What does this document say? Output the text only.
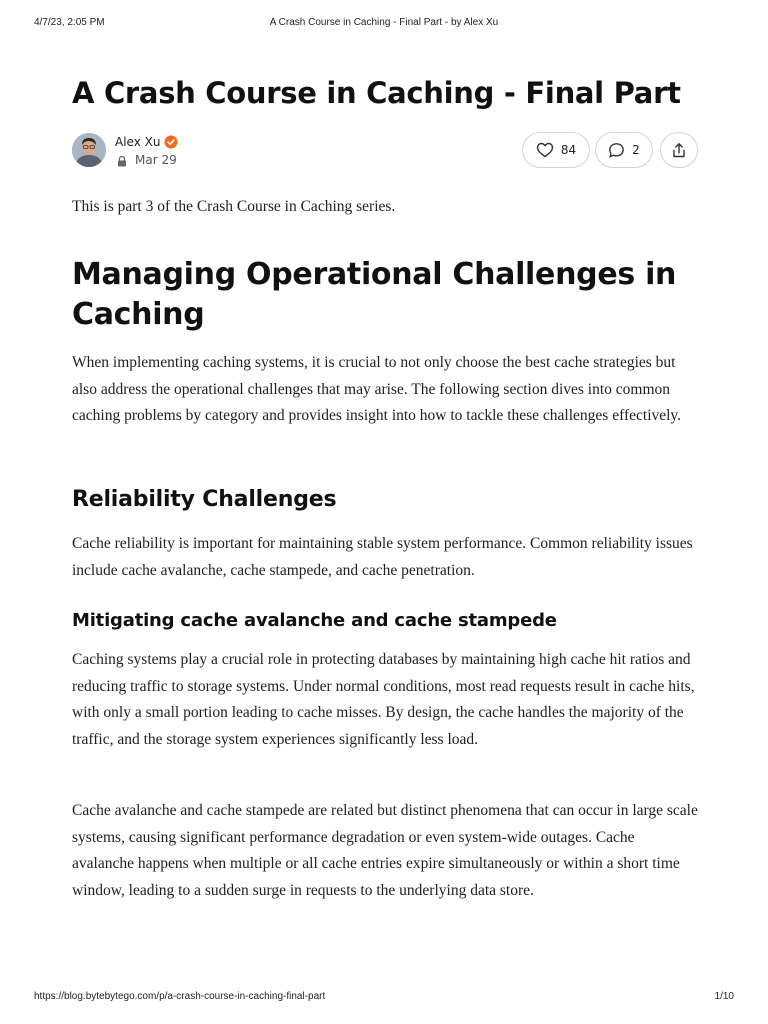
4/7/23, 2:05 PM	A Crash Course in Caching - Final Part - by Alex Xu
A Crash Course in Caching - Final Part
Alex Xu
Mar 29
84	2

This is part 3 of the Crash Course in Caching series.

Managing Operational Challenges in Caching

When implementing caching systems, it is crucial to not only choose the best cache strategies but also address the operational challenges that may arise. The following section dives into common caching problems by category and provides insight into how to tackle these challenges effectively.

Reliability Challenges

Cache reliability is important for maintaining stable system performance. Common reliability issues include cache avalanche, cache stampede, and cache penetration.

Mitigating cache avalanche and cache stampede

Caching systems play a crucial role in protecting databases by maintaining high cache hit ratios and reducing traffic to storage systems. Under normal conditions, most read requests result in cache hits, with only a small portion leading to cache misses. By design, the cache handles the majority of the traffic, and the storage system experiences significantly less load.

Cache avalanche and cache stampede are related but distinct phenomena that can occur in large scale systems, causing significant performance degradation or even system-wide outages. Cache avalanche happens when multiple or all cache entries expire simultaneously or within a short time window, leading to a sudden surge in requests to the underlying data store.

https://blog.bytebytego.com/p/a-crash-course-in-caching-final-part	1/10
